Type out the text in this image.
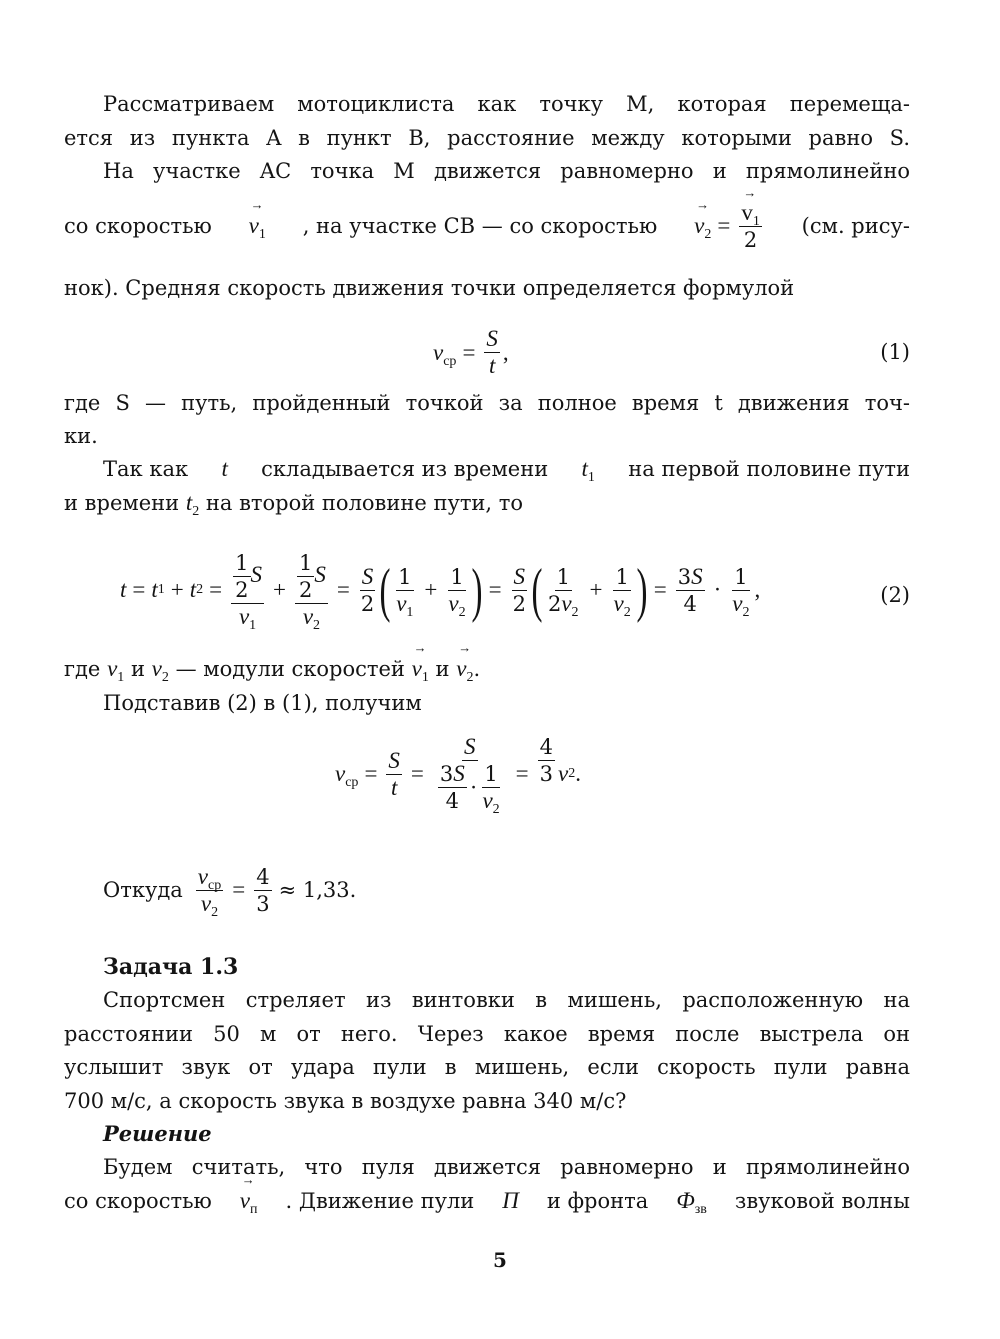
Рассматриваем мотоциклиста как точку M, которая перемеща-
ется из пункта A в пункт B, расстояние между которыми равно S.
На участке AC точка M движется равномерно и прямолинейно
со скоростью → $v_1$ , на участке CB — со скоростью → $v_2$ = → $\frac{v_1}{2} (см$. рису-
нок). Средняя скорость движения точки определяется формулой
$v_{ср} = \frac{S}{t}$ ,	(1)
где S — путь, пройденный точкой за полное время t движения точ-
ки.
Так как t складывается из времени $t_1$ на первой половине пути
и времени $t_2$ на второй половине пути, то
t = t 1 + t $2 = \frac{\frac{1}{2} S}{v_1} + \frac{\frac{1}{2} S}{v_2} = \frac{S}{2}$ ( $\frac{1}{v_1} + \frac{1}{v_2}$ ) = $\frac{S}{2}$ ( $\frac{1}{2v_2} + \frac{1}{v_2}$ ) = $\frac{3S}{4} \cdot \frac{1}{v_2}$ ,	(2)
где $v_1$ и $v_2$ — модули скоростей → $v_1$ $и \to v_2$.
Подставив (2) в (1), получим
$v_{ср} = \frac{S}{t} = \frac{S}{\frac{3S}{4} \cdot \frac{1}{v_2}} = \frac{4}{3}$ v 2 .
Откуда $\frac{v_{ср}}{v_2} = \frac{4}{3} \approx 1,33$.
Задача 1.3
Спортсмен стреляет из винтовки в мишень, расположенную на
расстоянии 50 м от него. Через какое время после выстрела он
услышит звук от удара пули в мишень, если скорость пули равна
700 м/с, а скорость звука в воздухе равна 340 м/с?
Решение
Будем считать, что пуля движется равномерно и прямолинейно
со скоростью → $v_п$ . Движение пули П и фронта $Ф_{зв}$ звуковой волны
5
